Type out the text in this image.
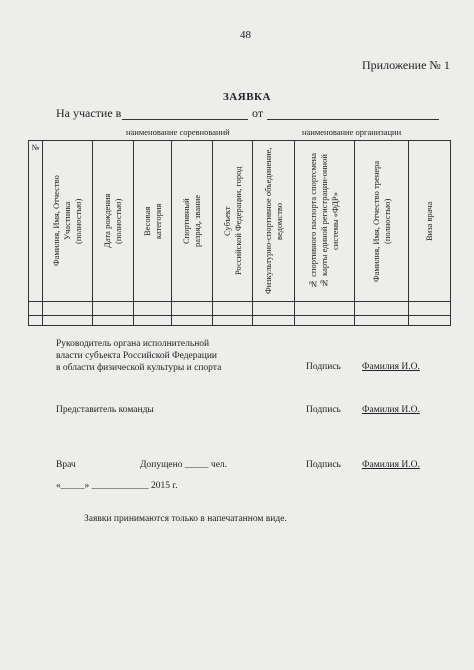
48
Приложение № 1
ЗАЯВКА
На участие в	от
наименование соревнований	наименование организации
№	Фамилия, Имя, Отчество Участника (полностью)	Дата рождения (полностью)	Весовая категория	Спортивный разряд, звание	Субъект Российской Федерации, город	Физкультурно-спортивное объединение, ведомство	№ спортивного паспорта спортсмена № карты единой регистрации-онной системы «ФДР»	Фамилия, Имя, Отчество тренера (полностью)	Виза врача

Руководитель органа исполнительной
власти субъекта Российской Федерации
в области физической культуры и спорта	Подпись Фамилия И.О.
Представитель команды	Подпись Фамилия И.О.
Врач	Допущено _____ чел.	Подпись Фамилия И.О.
«_____» ____________ 2015 г.
Заявки принимаются только в напечатанном виде.
